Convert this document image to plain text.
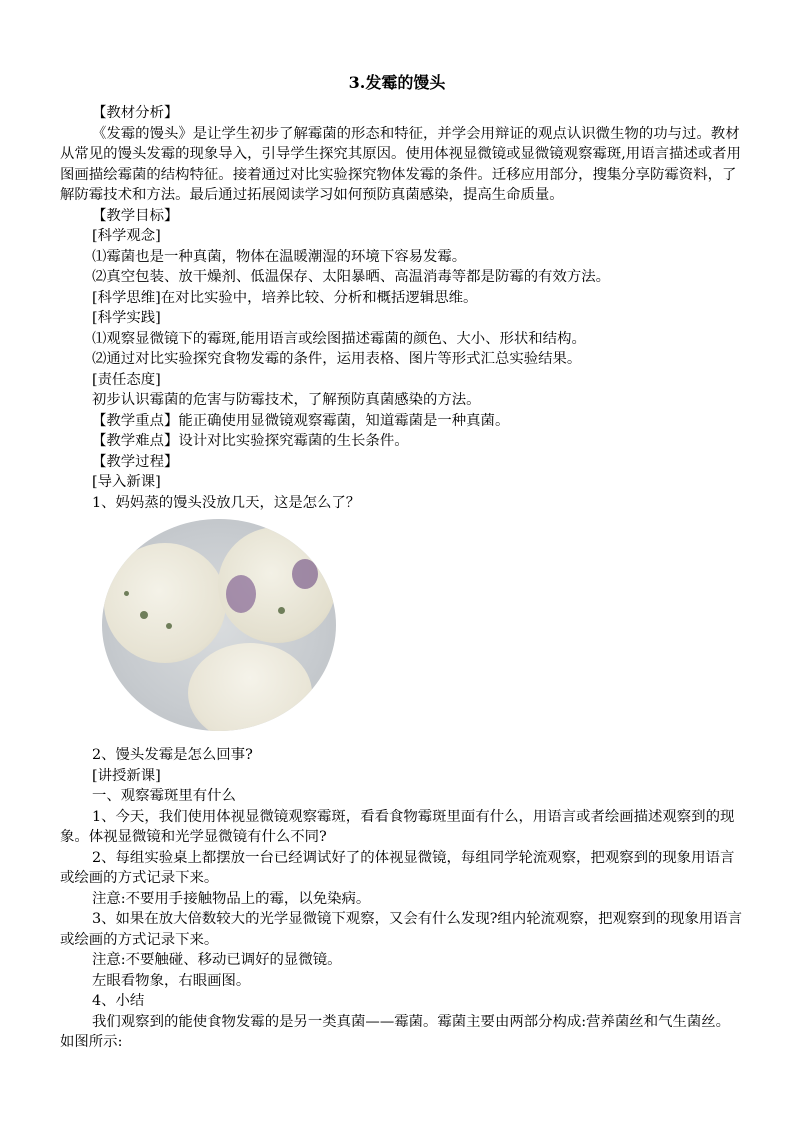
3.发霉的馒头

【教材分析】

《发霉的馒头》是让学生初步了解霉菌的形态和特征，并学会用辩证的观点认识微生物的功与过。教材从常见的馒头发霉的现象导入，引导学生探究其原因。使用体视显微镜或显微镜观察霉斑,用语言描述或者用图画描绘霉菌的结构特征。接着通过对比实验探究物体发霉的条件。迁移应用部分，搜集分享防霉资料，了解防霉技术和方法。最后通过拓展阅读学习如何预防真菌感染，提高生命质量。

【教学目标】

[科学观念]

⑴霉菌也是一种真菌，物体在温暖潮湿的环境下容易发霉。

⑵真空包装、放干燥剂、低温保存、太阳暴晒、高温消毒等都是防霉的有效方法。

[科学思维]在对比实验中，培养比较、分析和概括逻辑思维。

[科学实践]

⑴观察显微镜下的霉斑,能用语言或绘图描述霉菌的颜色、大小、形状和结构。

⑵通过对比实验探究食物发霉的条件，运用表格、图片等形式汇总实验结果。

[责任态度]

初步认识霉菌的危害与防霉技术，了解预防真菌感染的方法。

【教学重点】能正确使用显微镜观察霉菌，知道霉菌是一种真菌。

【教学难点】设计对比实验探究霉菌的生长条件。

【教学过程】

[导入新课]

1、妈妈蒸的馒头没放几天，这是怎么了？

2、馒头发霉是怎么回事?

[讲授新课]

一、观察霉斑里有什么

1、今天，我们使用体视显微镜观察霉斑，看看食物霉斑里面有什么，用语言或者绘画描述观察到的现象。体视显微镜和光学显微镜有什么不同?

2、每组实验桌上都摆放一台已经调试好了的体视显微镜，每组同学轮流观察，把观察到的现象用语言或绘画的方式记录下来。

注意:不要用手接触物品上的霉，以免染病。

3、如果在放大倍数较大的光学显微镜下观察，又会有什么发现?组内轮流观察，把观察到的现象用语言或绘画的方式记录下来。

注意:不要触碰、移动已调好的显微镜。

左眼看物象，右眼画图。

4、小结

我们观察到的能使食物发霉的是另一类真菌——霉菌。霉菌主要由两部分构成:营养菌丝和气生菌丝。如图所示:
